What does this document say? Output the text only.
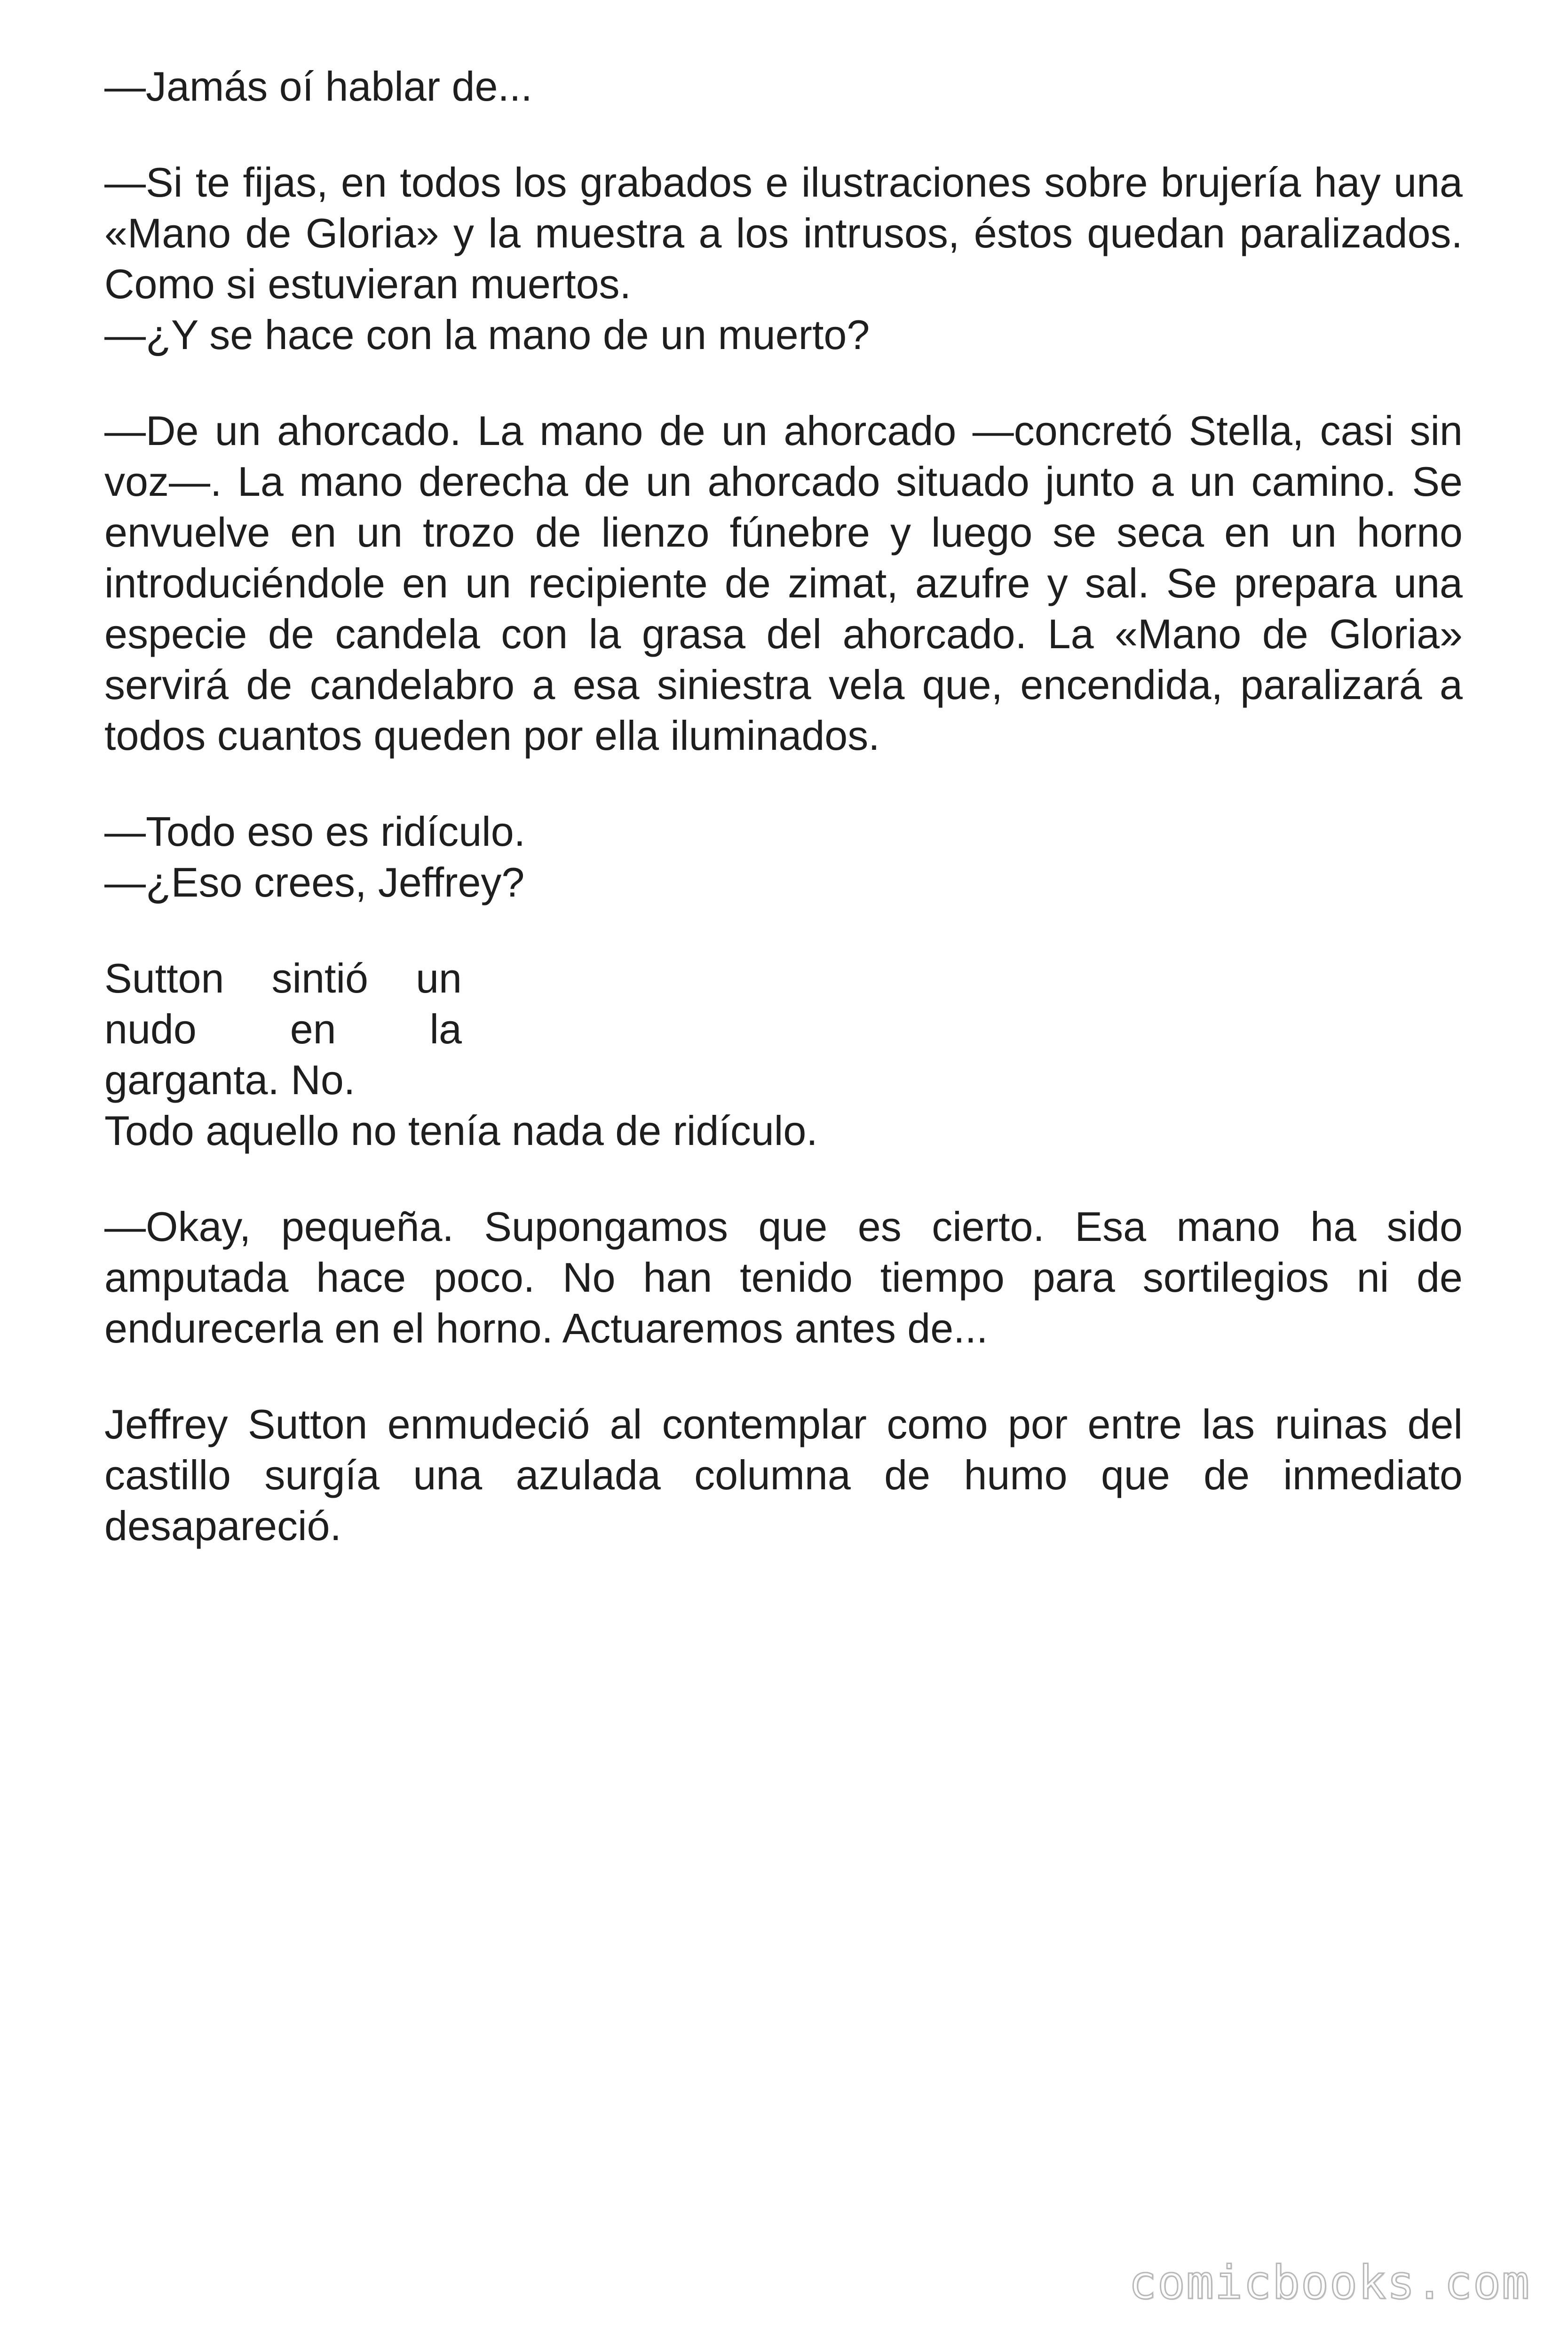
—Jamás oí hablar de...

—Si te fijas, en todos los grabados e ilustraciones sobre brujería hay una «Mano de Gloria» y la muestra a los intrusos, éstos quedan paralizados. Como si estuvieran muertos.

—¿Y se hace con la mano de un muerto?

—De un ahorcado. La mano de un ahorcado —concretó Stella, casi sin voz—. La mano derecha de un ahorcado situado junto a un camino. Se envuelve en un trozo de lienzo fúnebre y luego se seca en un horno introduciéndole en un recipiente de zimat, azufre y sal. Se prepara una especie de candela con la grasa del ahorcado. La «Mano de Gloria» servirá de candelabro a esa siniestra vela que, encendida, paralizará a todos cuantos queden por ella iluminados.

—Todo eso es ridículo.

—¿Eso crees, Jeffrey?

Sutton sintió un
nudo en la
garganta. No.

Todo aquello no tenía nada de ridículo.

—Okay, pequeña. Supongamos que es cierto. Esa mano ha sido amputada hace poco. No han tenido tiempo para sortilegios ni de endurecerla en el horno. Actuaremos antes de...

Jeffrey Sutton enmudeció al contemplar como por entre las ruinas del castillo surgía una azulada columna de humo que de inmediato desapareció.

comicbooks.com
